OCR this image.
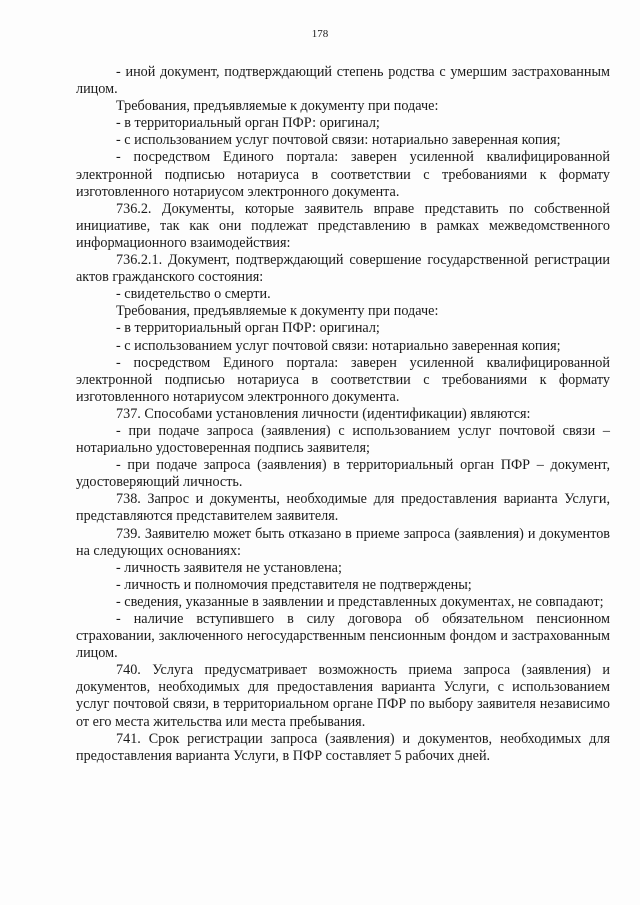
178

- иной документ, подтверждающий степень родства с умершим застрахованным лицом.

Требования, предъявляемые к документу при подаче:

- в территориальный орган ПФР: оригинал;

- с использованием услуг почтовой связи: нотариально заверенная копия;

- посредством Единого портала: заверен усиленной квалифицированной электронной подписью нотариуса в соответствии с требованиями к формату изготовленного нотариусом электронного документа.

736.2. Документы, которые заявитель вправе представить по собственной инициативе, так как они подлежат представлению в рамках межведомственного информационного взаимодействия:

736.2.1. Документ, подтверждающий совершение государственной регистрации актов гражданского состояния:

- свидетельство о смерти.

Требования, предъявляемые к документу при подаче:

- в территориальный орган ПФР: оригинал;

- с использованием услуг почтовой связи: нотариально заверенная копия;

- посредством Единого портала: заверен усиленной квалифицированной электронной подписью нотариуса в соответствии с требованиями к формату изготовленного нотариусом электронного документа.

737. Способами установления личности (идентификации) являются:

- при подаче запроса (заявления) с использованием услуг почтовой связи – нотариально удостоверенная подпись заявителя;

- при подаче запроса (заявления) в территориальный орган ПФР – документ, удостоверяющий личность.

738. Запрос и документы, необходимые для предоставления варианта Услуги, представляются представителем заявителя.

739. Заявителю может быть отказано в приеме запроса (заявления) и документов на следующих основаниях:

- личность заявителя не установлена;

- личность и полномочия представителя не подтверждены;

- сведения, указанные в заявлении и представленных документах, не совпадают;

- наличие вступившего в силу договора об обязательном пенсионном страховании, заключенного негосударственным пенсионным фондом и застрахованным лицом.

740. Услуга предусматривает возможность приема запроса (заявления) и документов, необходимых для предоставления варианта Услуги, с использованием услуг почтовой связи, в территориальном органе ПФР по выбору заявителя независимо от его места жительства или места пребывания.

741. Срок регистрации запроса (заявления) и документов, необходимых для предоставления варианта Услуги, в ПФР составляет 5 рабочих дней.
